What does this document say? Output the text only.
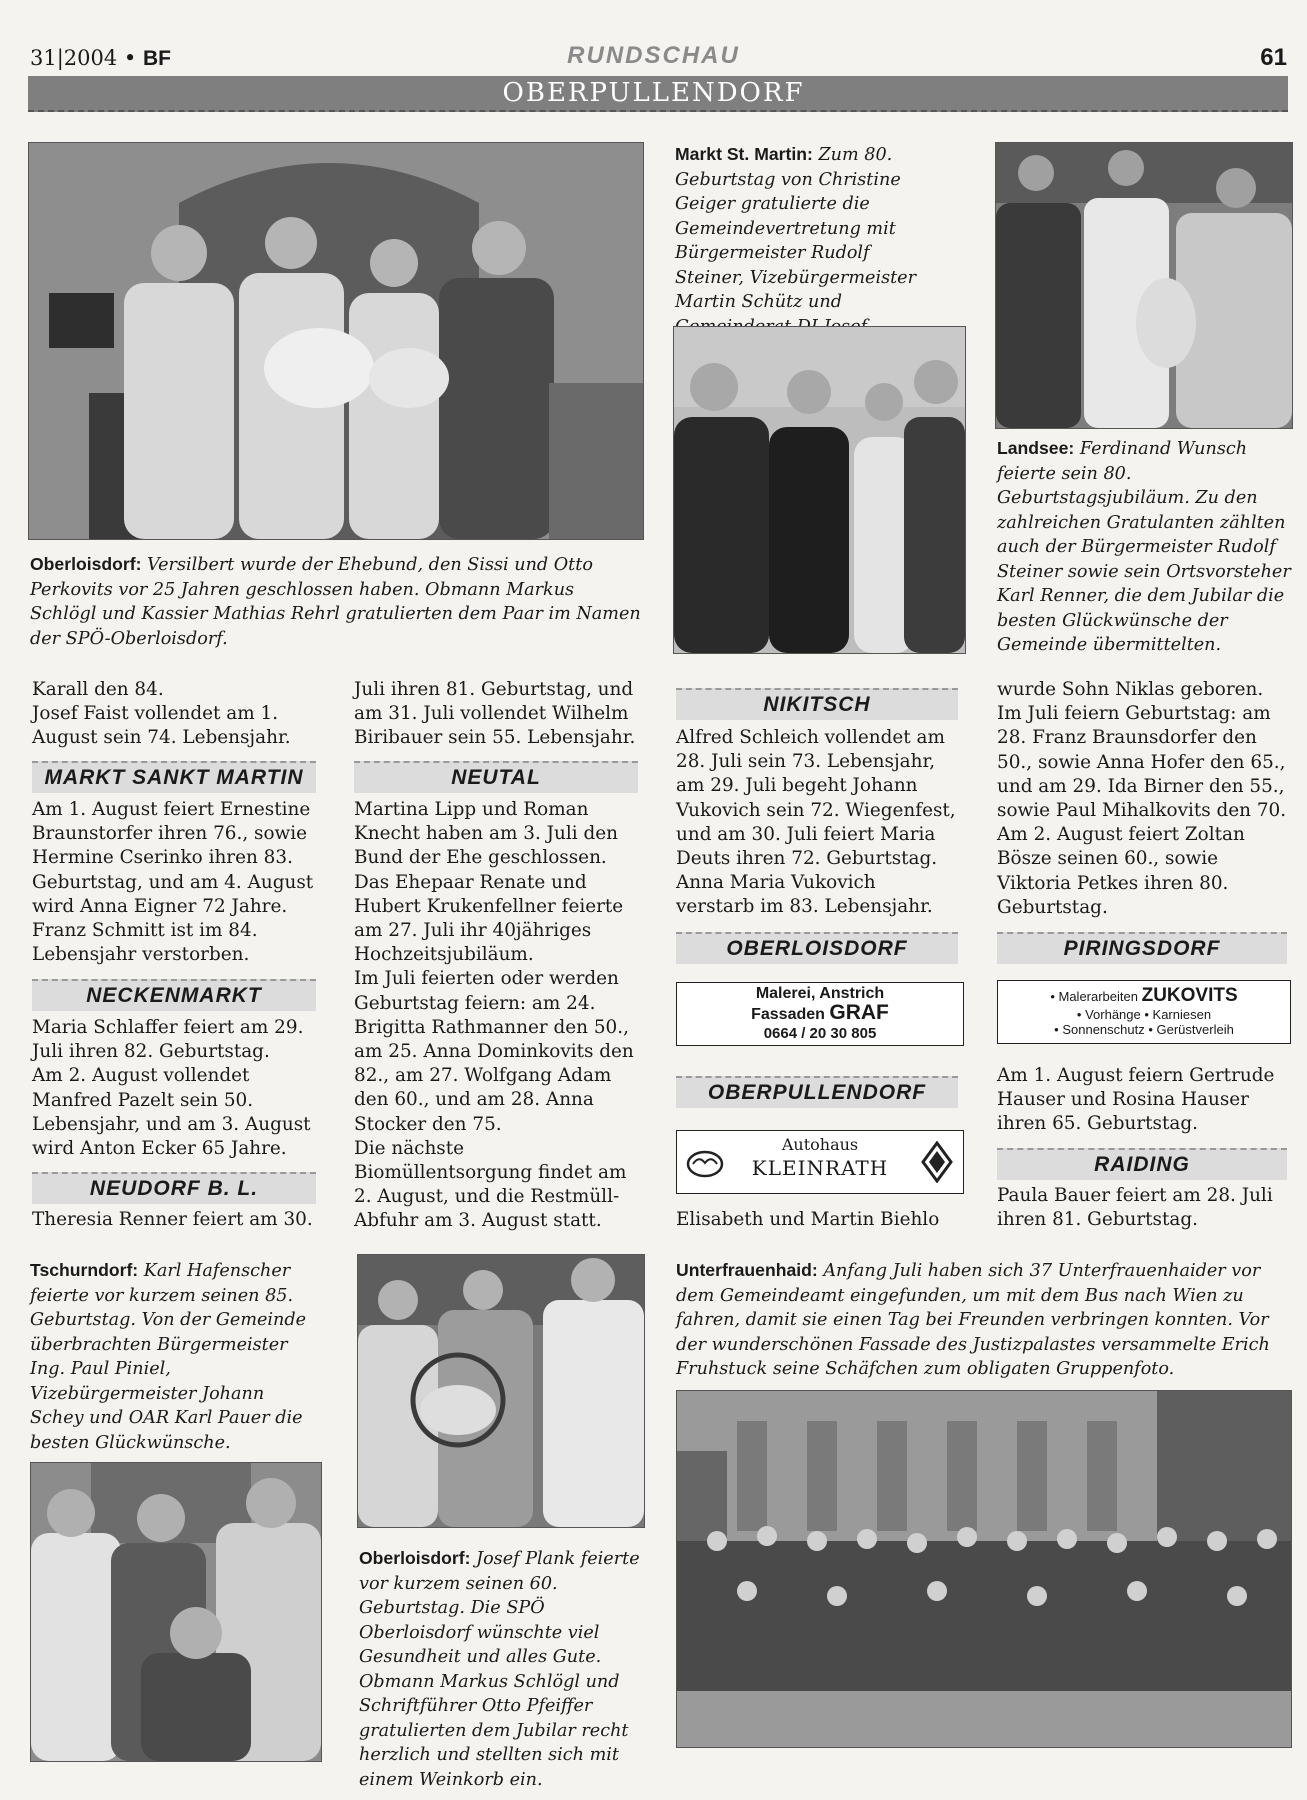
31|2004 • BF	RUNDSCHAU	61
OBERPULLENDORF
Oberloisdorf: Versilbert wurde der Ehebund, den Sissi und Otto Perkovits vor 25 Jahren geschlossen haben. Obmann Markus Schlögl und Kassier Mathias Rehrl gratulierten dem Paar im Namen der SPÖ-Oberloisdorf.
Markt St. Martin: Zum 80. Geburtstag von Christine Geiger gratulierte die Gemeindevertretung mit Bürgermeister Rudolf Steiner, Vizebürgermeister Martin Schütz und
Landsee: Ferdinand Wunsch feierte sein 80. Geburtstagsjubiläum. Zu den zahlreichen Gratulanten zählten auch der Bürgermeister Rudolf Steiner sowie sein Ortsvorsteher Karl Renner, die dem Jubilar die besten Glückwünsche der Gemeinde übermittelten.
Karall den 84.
Josef Faist vollendet am 1. August sein 74. Lebensjahr.
MARKT SANKT MARTIN
Am 1. August feiert Ernestine Braunstorfer ihren 76., sowie Hermine Cserinko ihren 83. Geburtstag, und am 4. August wird Anna Eigner 72 Jahre. Franz Schmitt ist im 84. Lebensjahr verstorben.
NECKENMARKT
Maria Schlaffer feiert am 29. Juli ihren 82. Geburtstag.
Am 2. August vollendet Manfred Pazelt sein 50. Lebensjahr, und am 3. August wird Anton Ecker 65 Jahre.
NEUDORF B. L.
Theresia Renner feiert am 30.
Juli ihren 81. Geburtstag, und am 31. Juli vollendet Wilhelm Biribauer sein 55. Lebensjahr.
NEUTAL
Martina Lipp und Roman Knecht haben am 3. Juli den Bund der Ehe geschlossen.
Das Ehepaar Renate und Hubert Krukenfellner feierte am 27. Juli ihr 40jähriges Hochzeitsjubiläum.
Im Juli feierten oder werden Geburtstag feiern: am 24. Brigitta Rathmanner den 50., am 25. Anna Dominkovits den 82., am 27. Wolfgang Adam den 60., und am 28. Anna Stocker den 75.
Die nächste Biomüllentsorgung findet am 2. August, und die Restmüll-Abfuhr am 3. August statt.
NIKITSCH
Alfred Schleich vollendet am 28. Juli sein 73. Lebensjahr, am 29. Juli begeht Johann Vukovich sein 72. Wiegenfest, und am 30. Juli feiert Maria Deuts ihren 72. Geburtstag.
Anna Maria Vukovich verstarb im 83. Lebensjahr.
OBERLOISDORF
Malerei, Anstrich
Fassaden GRAF
0664 / 20 30 805
OBERPULLENDORF
Autohaus
KLEINRATH
Elisabeth und Martin Biehlo
wurde Sohn Niklas geboren.
Im Juli feiern Geburtstag: am 28. Franz Braunsdorfer den 50., sowie Anna Hofer den 65., und am 29. Ida Birner den 55., sowie Paul Mihalkovits den 70.
Am 2. August feiert Zoltan Bösze seinen 60., sowie Viktoria Petkes ihren 80. Geburtstag.
PIRINGSDORF
• Malerarbeiten ZUKOVITS
• Vorhänge • Karniesen
• Sonnenschutz • Gerüstverleih
Am 1. August feiern Gertrude Hauser und Rosina Hauser ihren 65. Geburtstag.
RAIDING
Paula Bauer feiert am 28. Juli ihren 81. Geburtstag.
Tschurndorf: Karl Hafenscher feierte vor kurzem seinen 85. Geburtstag. Von der Gemeinde überbrachten Bürgermeister Ing. Paul Piniel, Vizebürgermeister Johann Schey und OAR Karl Pauer die besten Glückwünsche.
Oberloisdorf: Josef Plank feierte vor kurzem seinen 60. Geburtstag. Die SPÖ Oberloisdorf wünschte viel Gesundheit und alles Gute. Obmann Markus Schlögl und Schriftführer Otto Pfeiffer gratulierten dem Jubilar recht herzlich und stellten sich mit einem Weinkorb ein.
Unterfrauenhaid: Anfang Juli haben sich 37 Unterfrauenhaider vor dem Gemeindeamt eingefunden, um mit dem Bus nach Wien zu fahren, damit sie einen Tag bei Freunden verbringen konnten. Vor der wunderschönen Fassade des Justizpalastes versammelte Erich Fruhstuck seine Schäfchen zum obligaten Gruppenfoto.
